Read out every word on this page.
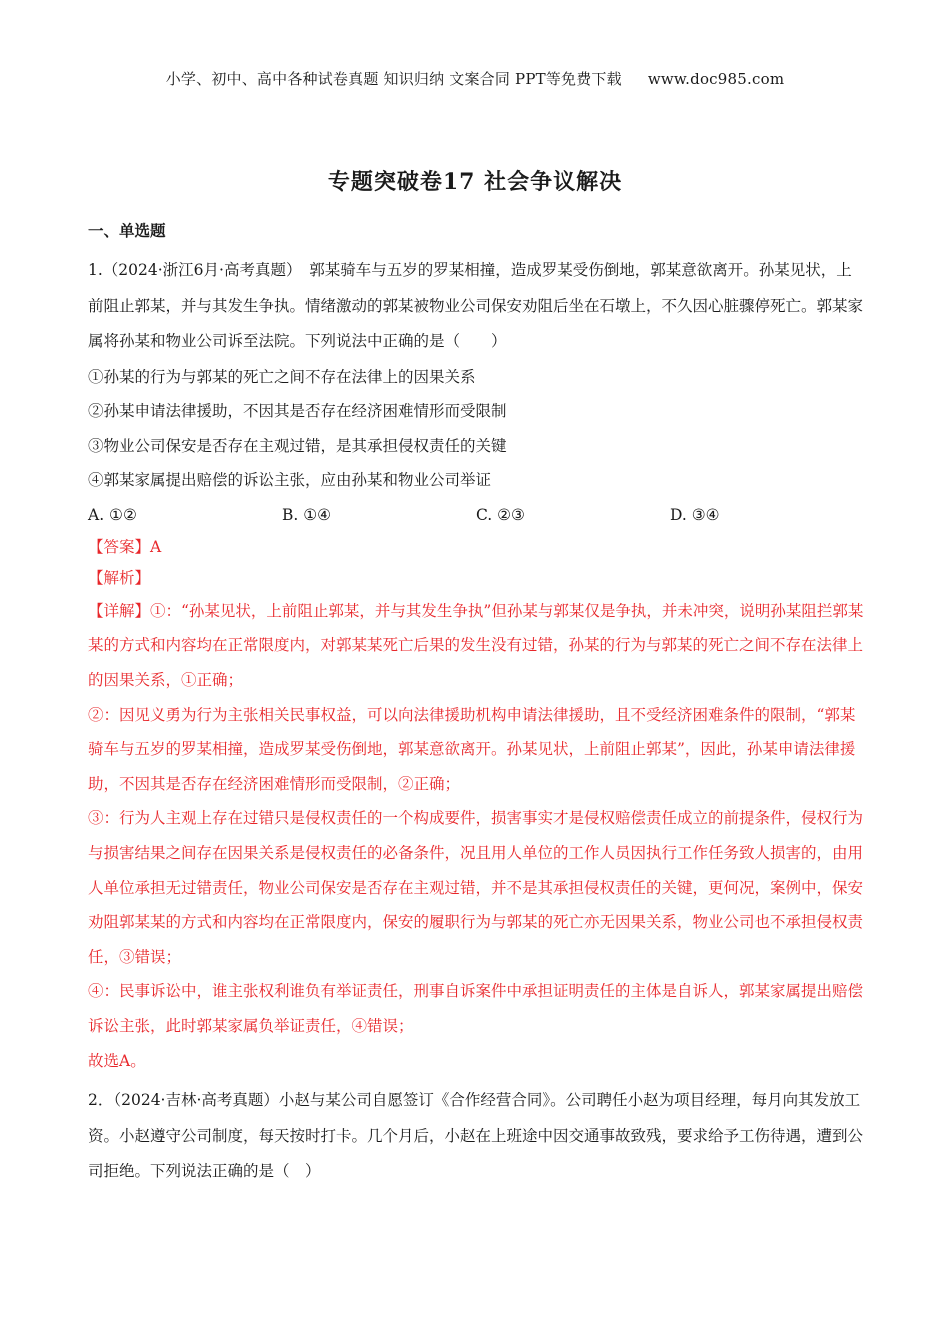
小学、初中、高中各种试卷真题 知识归纳 文案合同 PPT等免费下载 www.doc985.com
专题突破卷17 社会争议解决
一、单选题
1.（2024·浙江6月·高考真题）　郭某骑车与五岁的罗某相撞，造成罗某受伤倒地，郭某意欲离开。孙某见状，上前阻止郭某，并与其发生争执。情绪激动的郭某被物业公司保安劝阻后坐在石墩上，不久因心脏骤停死亡。郭某家属将孙某和物业公司诉至法院。下列说法中正确的是（　　）
①孙某的行为与郭某的死亡之间不存在法律上的因果关系
②孙某申请法律援助，不因其是否存在经济困难情形而受限制
③物业公司保安是否存在主观过错，是其承担侵权责任的关键
④郭某家属提出赔偿的诉讼主张，应由孙某和物业公司举证
A. ①②	B. ①④	C. ②③	D. ③④
【答案】A
【解析】
【详解】①：“孙某见状，上前阻止郭某，并与其发生争执”但孙某与郭某仅是争执，并未冲突，说明孙某阻拦郭某某的方式和内容均在正常限度内，对郭某某死亡后果的发生没有过错，孙某的行为与郭某的死亡之间不存在法律上的因果关系，①正确；
②：因见义勇为行为主张相关民事权益，可以向法律援助机构申请法律援助，且不受经济困难条件的限制，“郭某骑车与五岁的罗某相撞，造成罗某受伤倒地，郭某意欲离开。孙某见状，上前阻止郭某”，因此，孙某申请法律援助，不因其是否存在经济困难情形而受限制，②正确；
③：行为人主观上存在过错只是侵权责任的一个构成要件，损害事实才是侵权赔偿责任成立的前提条件，侵权行为与损害结果之间存在因果关系是侵权责任的必备条件，况且用人单位的工作人员因执行工作任务致人损害的，由用人单位承担无过错责任，物业公司保安是否存在主观过错，并不是其承担侵权责任的关键，更何况，案例中，保安劝阻郭某某的方式和内容均在正常限度内，保安的履职行为与郭某的死亡亦无因果关系，物业公司也不承担侵权责任，③错误；
④：民事诉讼中，谁主张权利谁负有举证责任，刑事自诉案件中承担证明责任的主体是自诉人，郭某家属提出赔偿诉讼主张，此时郭某家属负举证责任，④错误；
故选A。
2．（2024·吉林·高考真题）小赵与某公司自愿签订《合作经营合同》。公司聘任小赵为项目经理，每月向其发放工资。小赵遵守公司制度，每天按时打卡。几个月后，小赵在上班途中因交通事故致残，要求给予工伤待遇，遭到公司拒绝。下列说法正确的是（　）
